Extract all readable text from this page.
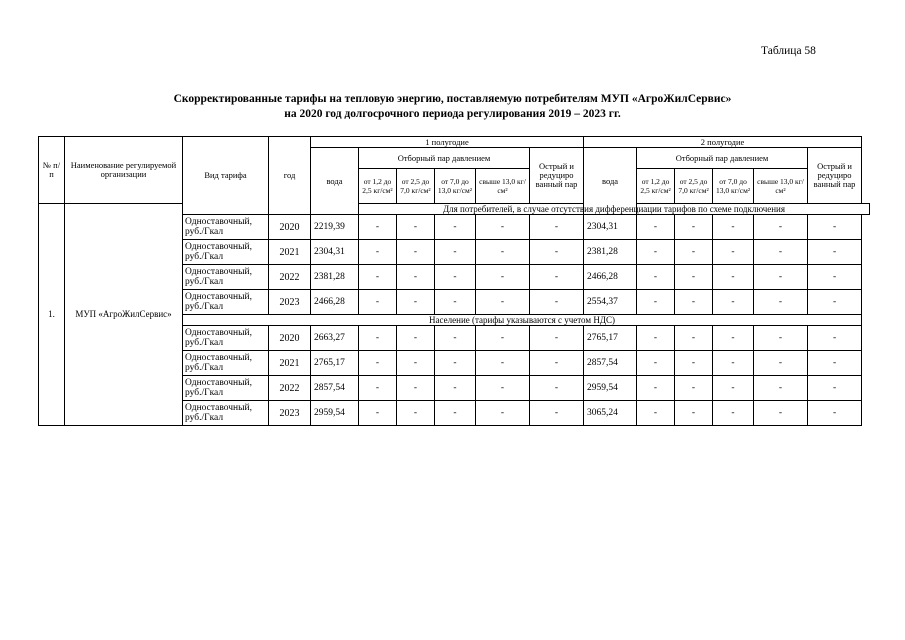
Таблица 58
Скорректированные тарифы на тепловую энергию, поставляемую потребителям МУП «АгроЖилСервис»
на 2020 год долгосрочного периода регулирования 2019 – 2023 гг.
№ п/п	Наименование регулируемой организации	Вид тарифа	год	1 полугодие						2 полугодие					
				вода	Отборный пар давлением				Острый и редуциро ванный пар	вода	Отборный пар давлением				Острый и редуциро ванный пар
					от 1,2 до 2,5 кг/см²	от 2,5 до 7,0 кг/см²	от 7,0 до 13,0 кг/см²	свыше 13,0 кг/см²			от 1,2 до 2,5 кг/см²	от 2,5 до 7,0 кг/см²	от 7,0 до 13,0 кг/см²	свыше 13,0 кг/см²	
1.	МУП «АгроЖилСервис»				Для потребителей, в случае отсутствия дифференциации тарифов по схеме подключения										
		Одноставочный, руб./Гкал	2020	2219,39	-	-	-	-	-	2304,31	-	-	-	-	-
		Одноставочный, руб./Гкал	2021	2304,31	-	-	-	-	-	2381,28	-	-	-	-	-
		Одноставочный, руб./Гкал	2022	2381,28	-	-	-	-	-	2466,28	-	-	-	-	-
		Одноставочный, руб./Гкал	2023	2466,28	-	-	-	-	-	2554,37	-	-	-	-	-
		Население (тарифы указываются с учетом НДС)													
		Одноставочный, руб./Гкал	2020	2663,27	-	-	-	-	-	2765,17	-	-	-	-	-
		Одноставочный, руб./Гкал	2021	2765,17	-	-	-	-	-	2857,54	-	-	-	-	-
		Одноставочный, руб./Гкал	2022	2857,54	-	-	-	-	-	2959,54	-	-	-	-	-
		Одноставочный, руб./Гкал	2023	2959,54	-	-	-	-	-	3065,24	-	-	-	-	-
